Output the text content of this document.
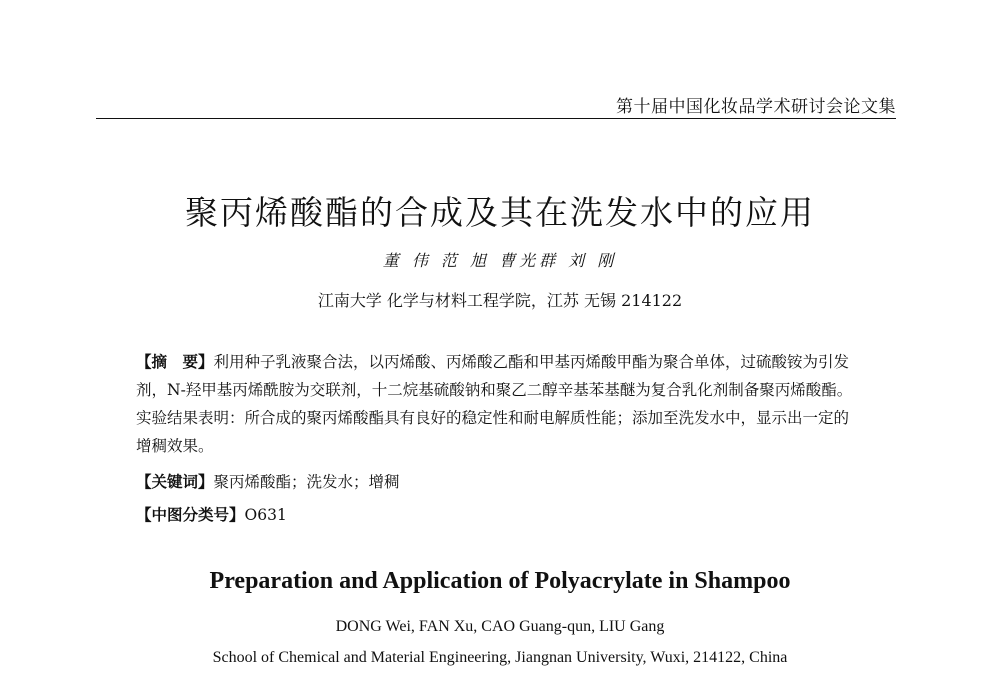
第十届中国化妆品学术研讨会论文集
聚丙烯酸酯的合成及其在洗发水中的应用
董 伟 范 旭 曹光群 刘 刚
江南大学 化学与材料工程学院，江苏 无锡 214122
【摘　要】利用种子乳液聚合法，以丙烯酸、丙烯酸乙酯和甲基丙烯酸甲酯为聚合单体，过硫酸铵为引发剂，N-羟甲基丙烯酰胺为交联剂，十二烷基硫酸钠和聚乙二醇辛基苯基醚为复合乳化剂制备聚丙烯酸酯。实验结果表明：所合成的聚丙烯酸酯具有良好的稳定性和耐电解质性能；添加至洗发水中，显示出一定的增稠效果。
【关键词】聚丙烯酸酯；洗发水；增稠
【中图分类号】O631
Preparation and Application of Polyacrylate in Shampoo
DONG Wei, FAN Xu, CAO Guang-qun, LIU Gang
School of Chemical and Material Engineering, Jiangnan University, Wuxi, 214122, China
